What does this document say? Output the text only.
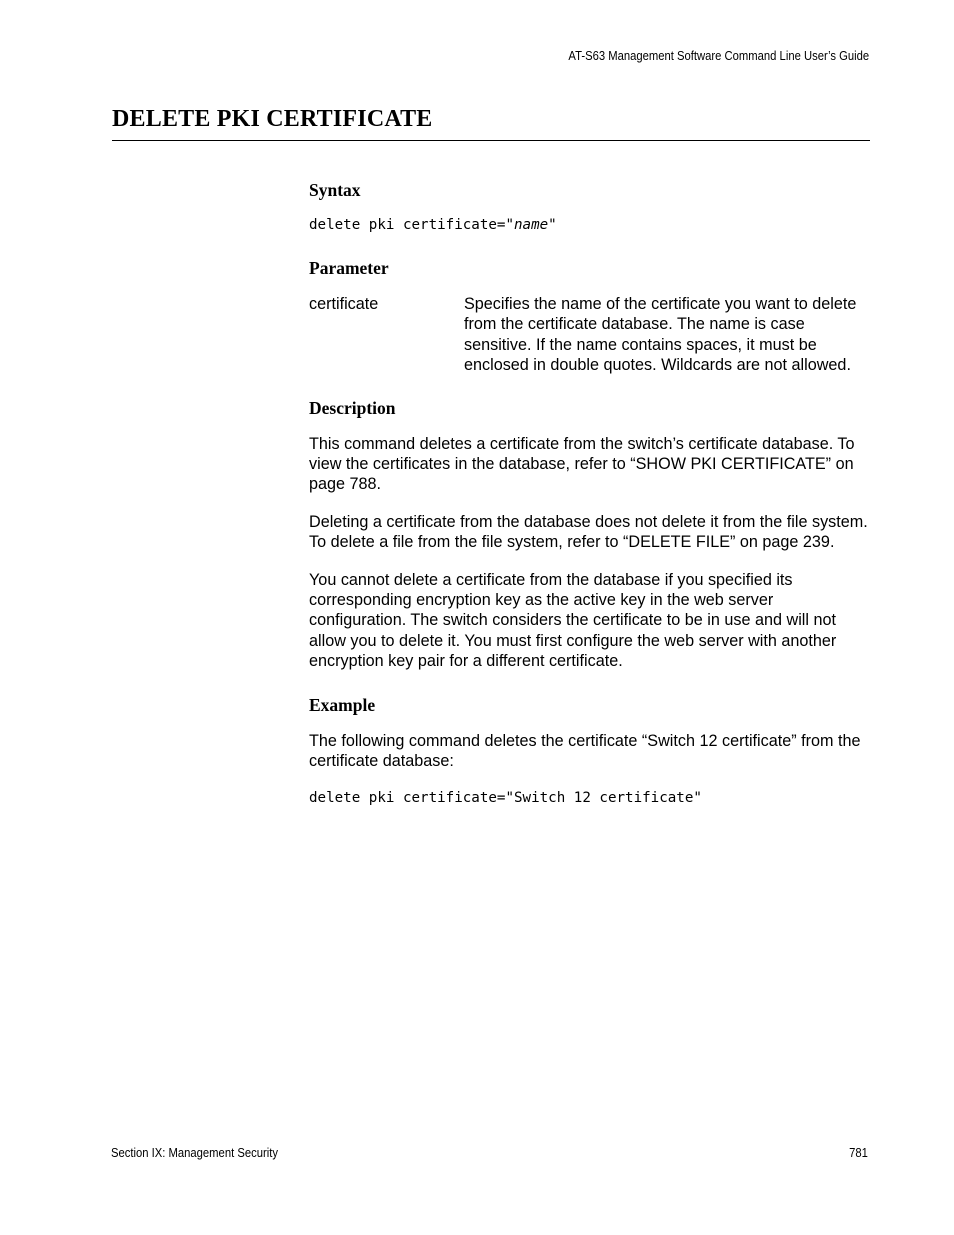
AT-S63 Management Software Command Line User’s Guide
DELETE PKI CERTIFICATE
Syntax
delete pki certificate="name"
Parameter
certificate	Specifies the name of the certificate you want to delete from the certificate database. The name is case sensitive. If the name contains spaces, it must be enclosed in double quotes. Wildcards are not allowed.
Description

This command deletes a certificate from the switch’s certificate database. To view the certificates in the database, refer to “SHOW PKI CERTIFICATE” on page 788.

Deleting a certificate from the database does not delete it from the file system. To delete a file from the file system, refer to “DELETE FILE” on page 239.

You cannot delete a certificate from the database if you specified its corresponding encryption key as the active key in the web server configuration. The switch considers the certificate to be in use and will not allow you to delete it. You must first configure the web server with another encryption key pair for a different certificate.

Example

The following command deletes the certificate “Switch 12 certificate” from the certificate database:

delete pki certificate="Switch 12 certificate"
Section IX: Management Security	781
